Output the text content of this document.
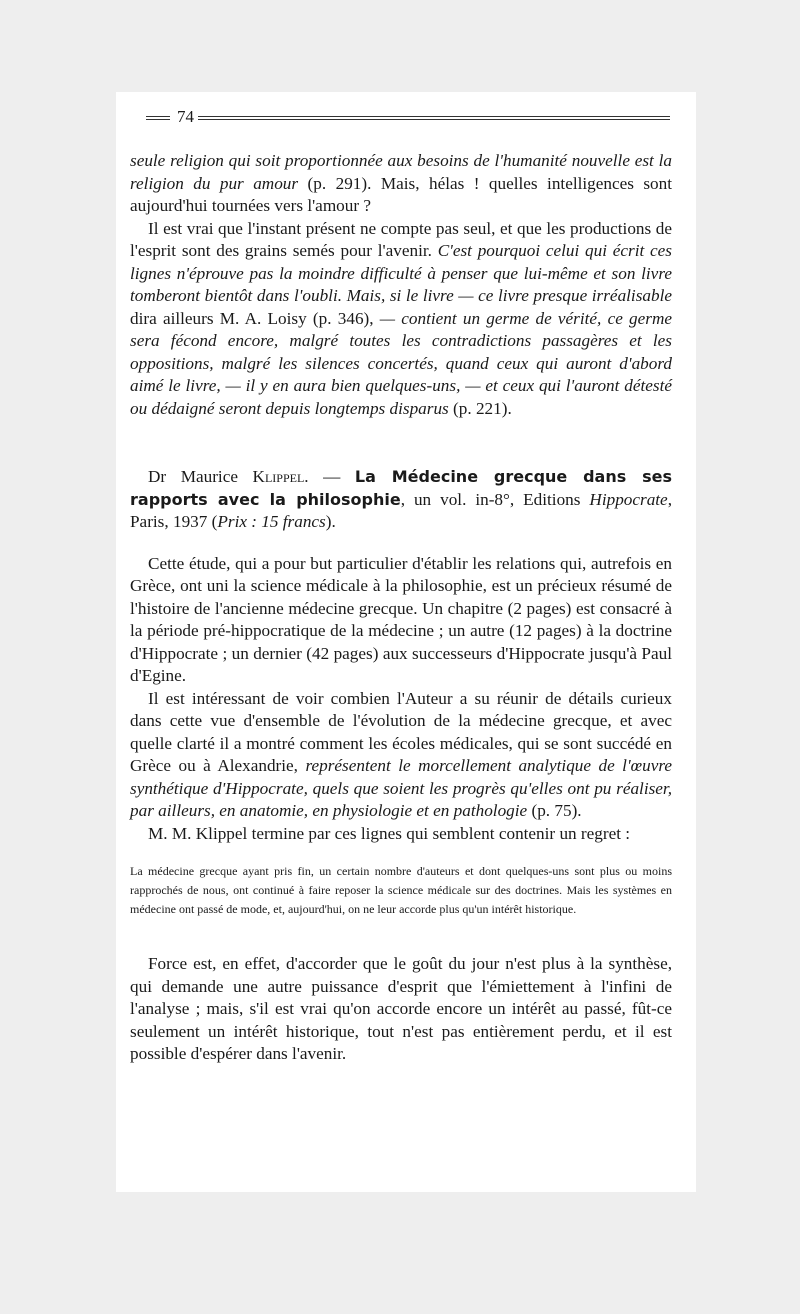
74

seule religion qui soit proportionnée aux besoins de l'humanité nouvelle est la religion du pur amour (p. 291). Mais, hélas ! quelles intelligences sont aujourd'hui tournées vers l'amour ?

Il est vrai que l'instant présent ne compte pas seul, et que les productions de l'esprit sont des grains semés pour l'avenir. C'est pourquoi celui qui écrit ces lignes n'éprouve pas la moindre difficulté à penser que lui-même et son livre tomberont bientôt dans l'oubli. Mais, si le livre — ce livre presque irréalisable dira ailleurs M. A. Loisy (p. 346), — contient un germe de vérité, ce germe sera fécond encore, malgré toutes les contradictions passagères et les oppositions, malgré les silences concertés, quand ceux qui auront d'abord aimé le livre, — il y en aura bien quelques-uns, — et ceux qui l'auront détesté ou dédaigné seront depuis longtemps disparus (p. 221).

Dr Maurice Klippel. — La Médecine grecque dans ses rapports avec la philosophie, un vol. in-8°, Editions Hippocrate, Paris, 1937 (Prix : 15 francs).

Cette étude, qui a pour but particulier d'établir les relations qui, autrefois en Grèce, ont uni la science médicale à la philosophie, est un précieux résumé de l'histoire de l'ancienne médecine grecque. Un chapitre (2 pages) est consacré à la période pré-hippocratique de la médecine ; un autre (12 pages) à la doctrine d'Hippocrate ; un dernier (42 pages) aux successeurs d'Hippocrate jusqu'à Paul d'Egine.

Il est intéressant de voir combien l'Auteur a su réunir de détails curieux dans cette vue d'ensemble de l'évolution de la médecine grecque, et avec quelle clarté il a montré comment les écoles médicales, qui se sont succédé en Grèce ou à Alexandrie, représentent le morcellement analytique de l'œuvre synthétique d'Hippocrate, quels que soient les progrès qu'elles ont pu réaliser, par ailleurs, en anatomie, en physiologie et en pathologie (p. 75).

M. M. Klippel termine par ces lignes qui semblent contenir un regret :

La médecine grecque ayant pris fin, un certain nombre d'auteurs et dont quelques-uns sont plus ou moins rapprochés de nous, ont continué à faire reposer la science médicale sur des doctrines. Mais les systèmes en médecine ont passé de mode, et, aujourd'hui, on ne leur accorde plus qu'un intérêt historique.

Force est, en effet, d'accorder que le goût du jour n'est plus à la synthèse, qui demande une autre puissance d'esprit que l'émiettement à l'infini de l'analyse ; mais, s'il est vrai qu'on accorde encore un intérêt au passé, fût-ce seulement un intérêt historique, tout n'est pas entièrement perdu, et il est possible d'espérer dans l'avenir.
